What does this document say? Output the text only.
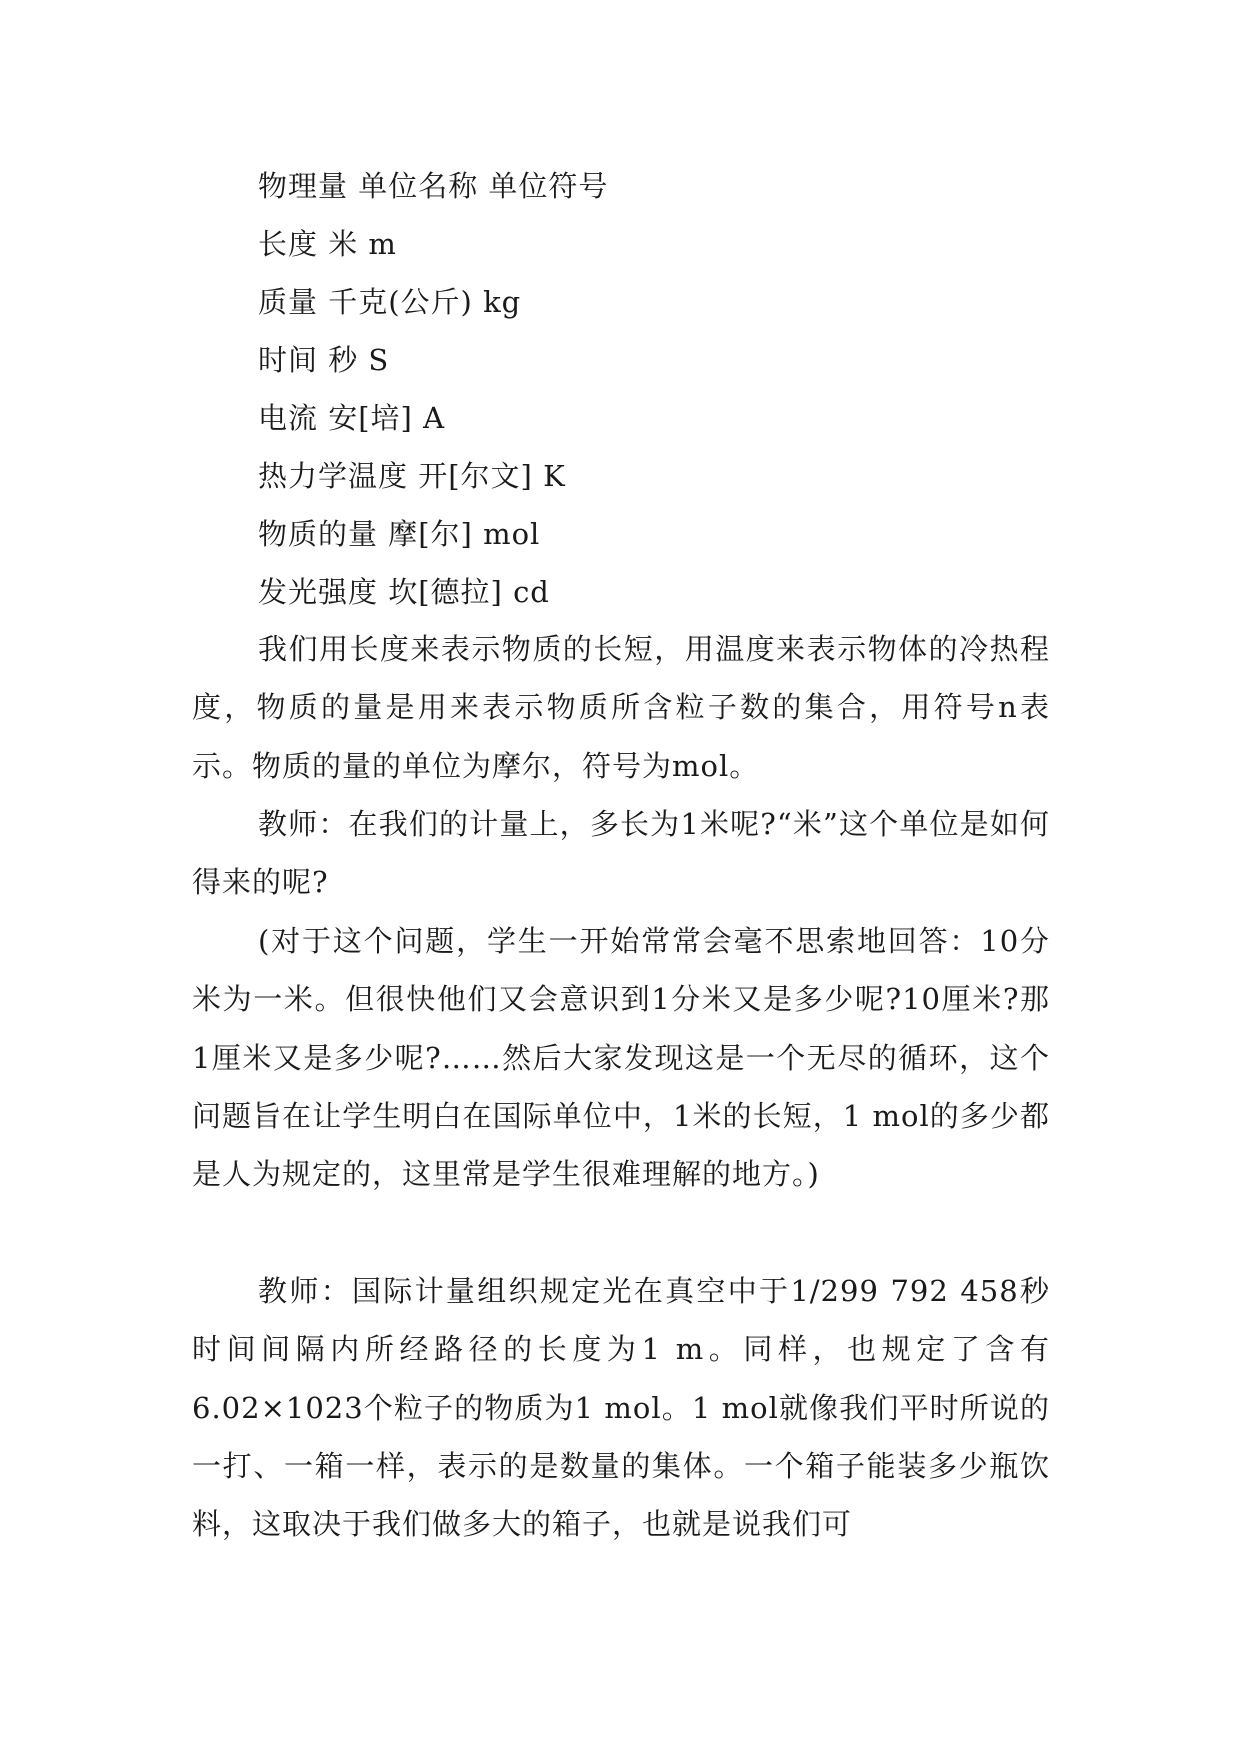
物理量 单位名称 单位符号
长度 米 m
质量 千克(公斤) kg
时间 秒 S
电流 安[培] A
热力学温度 开[尔文] K
物质的量 摩[尔] mol
发光强度 坎[德拉] cd

我们用长度来表示物质的长短，用温度来表示物体的冷热程度，物质的量是用来表示物质所含粒子数的集合，用符号n表示。物质的量的单位为摩尔，符号为mol。

教师：在我们的计量上，多长为1米呢?“米”这个单位是如何得来的呢?

(对于这个问题，学生一开始常常会毫不思索地回答：10分米为一米。但很快他们又会意识到1分米又是多少呢?10厘米?那1厘米又是多少呢?……然后大家发现这是一个无尽的循环，这个问题旨在让学生明白在国际单位中，1米的长短，1 mol的多少都是人为规定的，这里常是学生很难理解的地方。)

教师：国际计量组织规定光在真空中于1/299 792 458秒时间间隔内所经路径的长度为1 m。同样，也规定了含有6.02×1023个粒子的物质为1 mol。1 mol就像我们平时所说的一打、一箱一样，表示的是数量的集体。一个箱子能装多少瓶饮料，这取决于我们做多大的箱子，也就是说我们可
